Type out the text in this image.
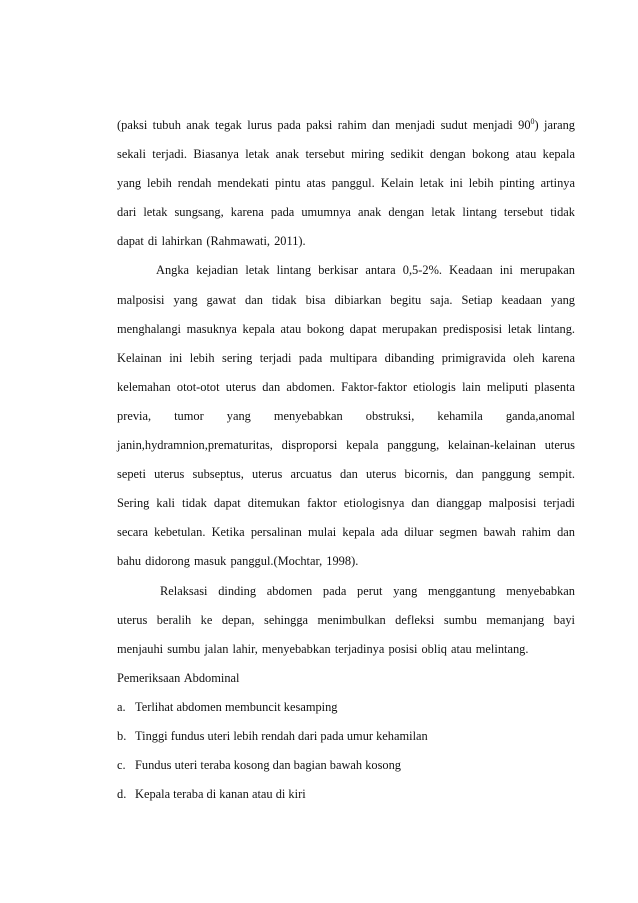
(paksi tubuh anak tegak lurus pada paksi rahim dan menjadi sudut menjadi $90^0$) jarang
sekali terjadi. Biasanya letak anak tersebut miring sedikit dengan bokong atau kepala
yang lebih rendah mendekati pintu atas panggul. Kelain letak ini lebih pinting artinya
dari letak sungsang, karena pada umumnya anak dengan letak lintang tersebut tidak
dapat di lahirkan (Rahmawati, 2011).
Angka kejadian letak lintang berkisar antara 0,5-2%. Keadaan ini merupakan
malposisi yang gawat dan tidak bisa dibiarkan begitu saja. Setiap keadaan yang
menghalangi masuknya kepala atau bokong dapat merupakan predisposisi letak lintang.
Kelainan ini lebih sering terjadi pada multipara dibanding primigravida oleh karena
kelemahan otot-otot uterus dan abdomen. Faktor-faktor etiologis lain meliputi plasenta
previa, tumor yang menyebabkan obstruksi, kehamila ganda,anomal
janin,hydramnion,prematuritas, disproporsi kepala panggung, kelainan-kelainan uterus
sepeti uterus subseptus, uterus arcuatus dan uterus bicornis, dan panggung sempit.
Sering kali tidak dapat ditemukan faktor etiologisnya dan dianggap malposisi terjadi
secara kebetulan. Ketika persalinan mulai kepala ada diluar segmen bawah rahim dan
bahu didorong masuk panggul.(Mochtar, 1998).
Relaksasi dinding abdomen pada perut yang menggantung menyebabkan
uterus beralih ke depan, sehingga menimbulkan defleksi sumbu memanjang bayi
menjauhi sumbu jalan lahir, menyebabkan terjadinya posisi obliq atau melintang.
Pemeriksaan Abdominal
a. Terlihat abdomen membuncit kesamping
b. Tinggi fundus uteri lebih rendah dari pada umur kehamilan
c. Fundus uteri teraba kosong dan bagian bawah kosong
d. Kepala teraba di kanan atau di kiri
